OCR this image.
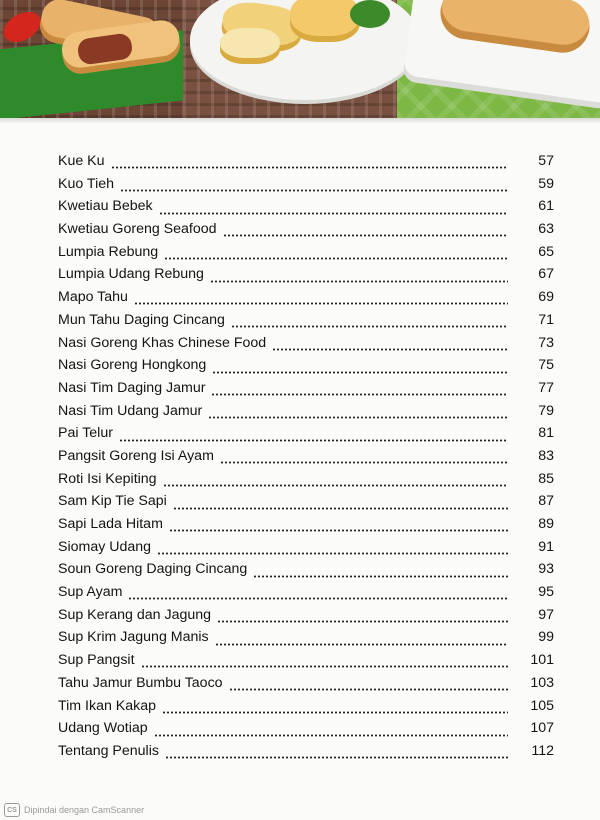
Kue Ku	57
Kuo Tieh	59
Kwetiau Bebek	61
Kwetiau Goreng Seafood	63
Lumpia Rebung	65
Lumpia Udang Rebung	67
Mapo Tahu	69
Mun Tahu Daging Cincang	71
Nasi Goreng Khas Chinese Food	73
Nasi Goreng Hongkong	75
Nasi Tim Daging Jamur	77
Nasi Tim Udang Jamur	79
Pai Telur	81
Pangsit Goreng Isi Ayam	83
Roti Isi Kepiting	85
Sam Kip Tie Sapi	87
Sapi Lada Hitam	89
Siomay Udang	91
Soun Goreng Daging Cincang	93
Sup Ayam	95
Sup Kerang dan Jagung	97
Sup Krim Jagung Manis	99
Sup Pangsit	101
Tahu Jamur Bumbu Taoco	103
Tim Ikan Kakap	105
Udang Wotiap	107
Tentang Penulis	112
CS Dipindai dengan CamScanner
